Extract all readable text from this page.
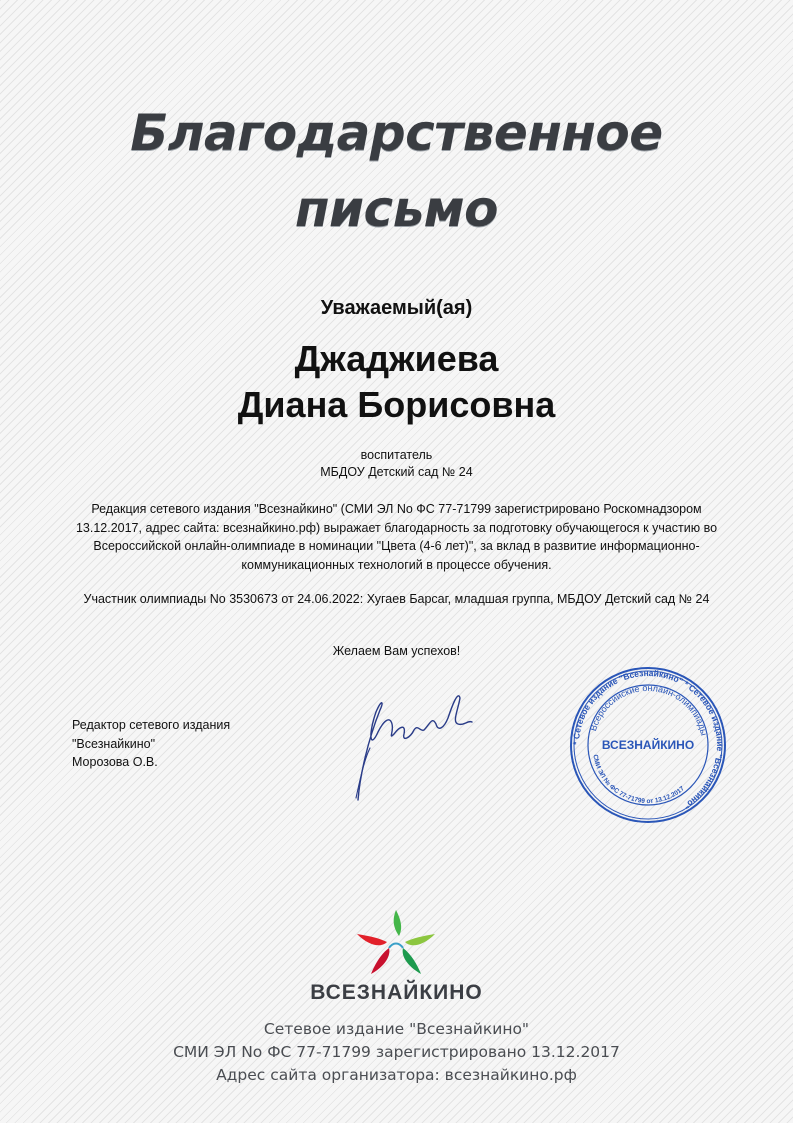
Благодарственное
письмо
Уважаемый(ая)
Джаджиева
Диана Борисовна
воспитатель
МБДОУ Детский сад № 24
Редакция сетевого издания "Всезнайкино" (СМИ ЭЛ No ФС 77-71799 зарегистрировано Роскомнадзором 13.12.2017, адрес сайта: всезнайкино.рф) выражает благодарность за подготовку обучающегося к участию во Всероссийской онлайн-олимпиаде в номинации "Цвета (4-6 лет)", за вклад в развитие информационно-коммуникационных технологий в процессе обучения.
Участник олимпиады No 3530673 от 24.06.2022: Хугаев Барсаг, младшая группа, МБДОУ Детский сад № 24
Желаем Вам успехов!
Редактор сетевого издания
"Всезнайкино"
Морозова О.В.
* Сетевое издание "Всезнайкино" * Сетевое издание "Всезнайкино"
Всероссийские онлайн-олимпиады
СМИ ЭЛ № ФС 77-71799 от 13.12.2017
ВСЕЗНАЙКИНО
ВСЕЗНАЙКИНО
Сетевое издание "Всезнайкино"
СМИ ЭЛ No ФС 77-71799 зарегистрировано 13.12.2017
Адрес сайта организатора: всезнайкино.рф
